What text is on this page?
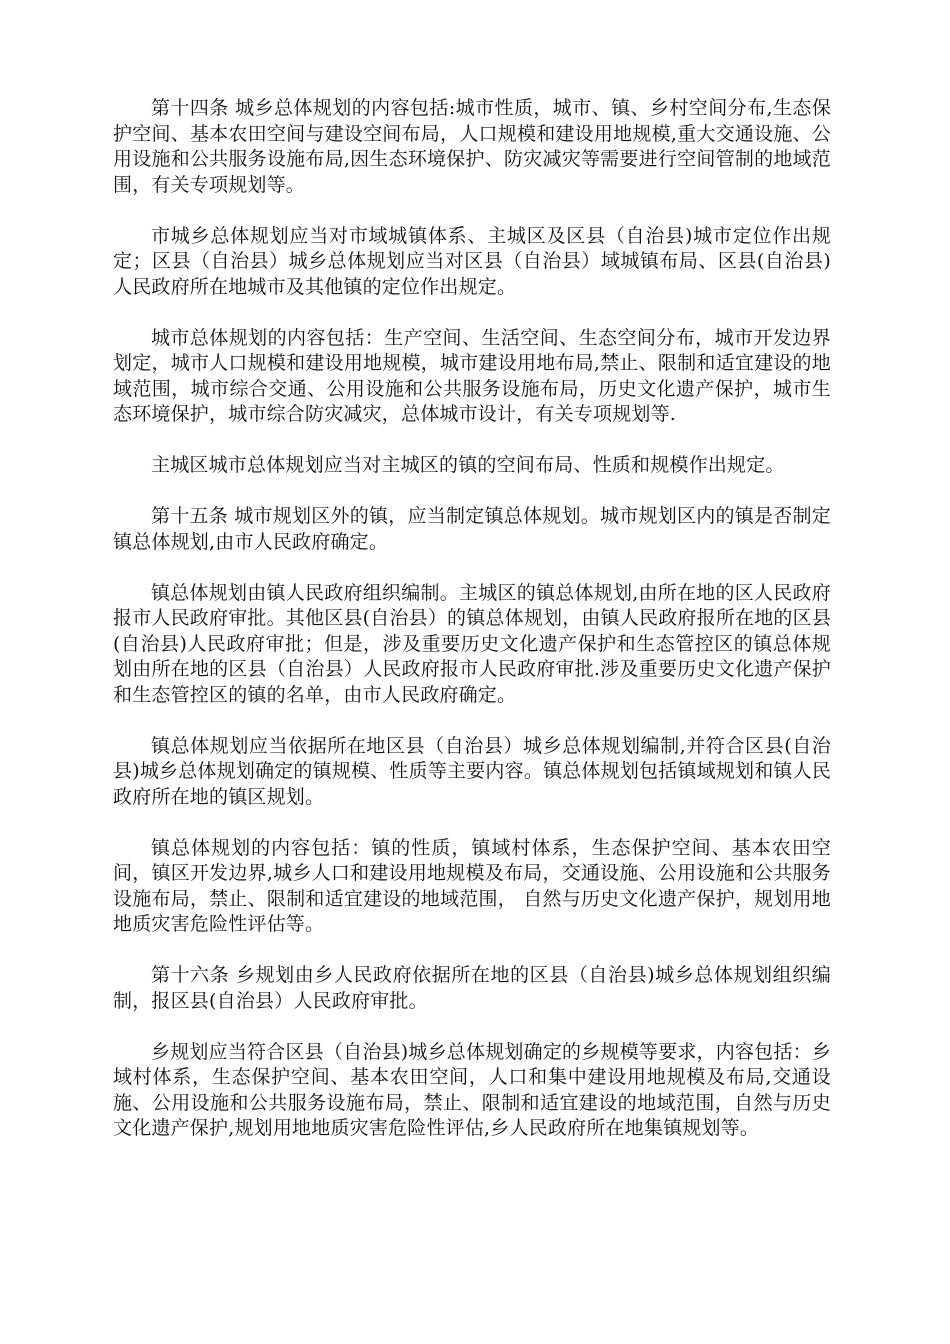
第十四条 城乡总体规划的内容包括:城市性质，城市、镇、乡村空间分布,生态保护空间、基本农田空间与建设空间布局，人口规模和建设用地规模,重大交通设施、公用设施和公共服务设施布局,因生态环境保护、防灾减灾等需要进行空间管制的地域范围，有关专项规划等。

市城乡总体规划应当对市域城镇体系、主城区及区县（自治县)城市定位作出规定；区县（自治县）城乡总体规划应当对区县（自治县）域城镇布局、区县(自治县)人民政府所在地城市及其他镇的定位作出规定。

城市总体规划的内容包括：生产空间、生活空间、生态空间分布，城市开发边界划定，城市人口规模和建设用地规模，城市建设用地布局,禁止、限制和适宜建设的地域范围，城市综合交通、公用设施和公共服务设施布局，历史文化遗产保护，城市生态环境保护，城市综合防灾减灾，总体城市设计，有关专项规划等.

主城区城市总体规划应当对主城区的镇的空间布局、性质和规模作出规定。

第十五条 城市规划区外的镇，应当制定镇总体规划。城市规划区内的镇是否制定镇总体规划,由市人民政府确定。

镇总体规划由镇人民政府组织编制。主城区的镇总体规划,由所在地的区人民政府报市人民政府审批。其他区县(自治县）的镇总体规划，由镇人民政府报所在地的区县(自治县)人民政府审批；但是，涉及重要历史文化遗产保护和生态管控区的镇总体规划由所在地的区县（自治县）人民政府报市人民政府审批.涉及重要历史文化遗产保护和生态管控区的镇的名单，由市人民政府确定。

镇总体规划应当依据所在地区县（自治县）城乡总体规划编制,并符合区县(自治县)城乡总体规划确定的镇规模、性质等主要内容。镇总体规划包括镇域规划和镇人民政府所在地的镇区规划。

镇总体规划的内容包括：镇的性质，镇域村体系，生态保护空间、基本农田空间，镇区开发边界,城乡人口和建设用地规模及布局，交通设施、公用设施和公共服务设施布局，禁止、限制和适宜建设的地域范围， 自然与历史文化遗产保护，规划用地地质灾害危险性评估等。

第十六条 乡规划由乡人民政府依据所在地的区县（自治县)城乡总体规划组织编制，报区县(自治县）人民政府审批。

乡规划应当符合区县（自治县)城乡总体规划确定的乡规模等要求，内容包括：乡域村体系，生态保护空间、基本农田空间，人口和集中建设用地规模及布局,交通设施、公用设施和公共服务设施布局，禁止、限制和适宜建设的地域范围，自然与历史文化遗产保护,规划用地地质灾害危险性评估,乡人民政府所在地集镇规划等。
